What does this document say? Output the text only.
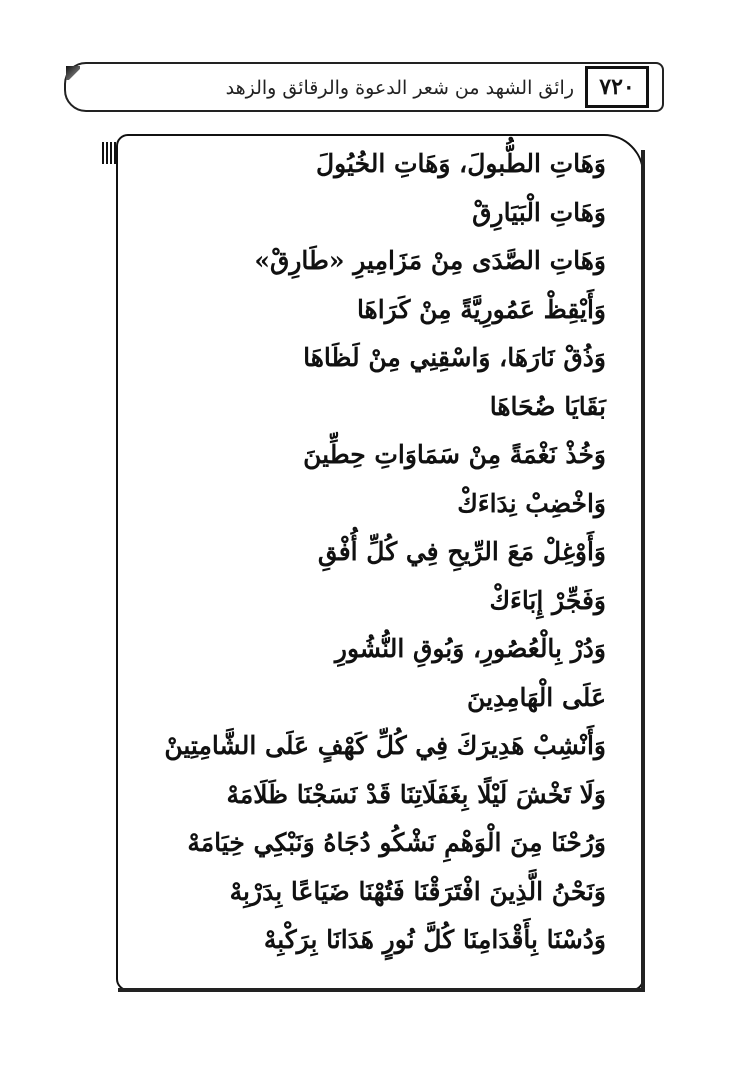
رائق الشهد من شعر الدعوة والرقائق والزهد	٧٢٠
وَهَاتِ الطُّبولَ، وَهَاتِ الخُيُولَ
وَهَاتِ الْبَيَارِقْ
وَهَاتِ الصَّدَى مِنْ مَزَامِيرِ «طَارِقْ»
وَأَيْقِظْ عَمُورِيَّةً مِنْ كَرَاهَا
وَذُقْ نَارَهَا، وَاسْقِنِي مِنْ لَظَاهَا
بَقَايَا ضُحَاهَا
وَخُذْ نَغْمَةً مِنْ سَمَاوَاتِ حِطِّينَ
وَاخْضِبْ نِدَاءَكْ
وَأَوْغِلْ مَعَ الرِّيحِ فِي كُلِّ أُفْقِ
وَفَجِّرْ إِبَاءَكْ
وَدُرْ بِالْعُصُورِ، وَبُوقِ النُّشُورِ
عَلَى الْهَامِدِينَ
وَأَنْشِبْ هَدِيرَكَ فِي كُلِّ كَهْفٍ عَلَى الشَّامِتِينْ
وَلَا تَخْشَ لَيْلًا بِغَفَلَاتِنَا قَدْ نَسَجْنَا ظَلَامَهْ
وَرُحْنَا مِنَ الْوَهْمِ نَشْكُو دُجَاهُ وَنَبْكِي خِيَامَهْ
وَنَحْنُ الَّذِينَ افْتَرَقْنَا فَتُهْنَا ضَيَاعًا بِدَرْبِهْ
وَدُسْنَا بِأَقْدَامِنَا كُلَّ نُورٍ هَدَانَا بِرَكْبِهْ
